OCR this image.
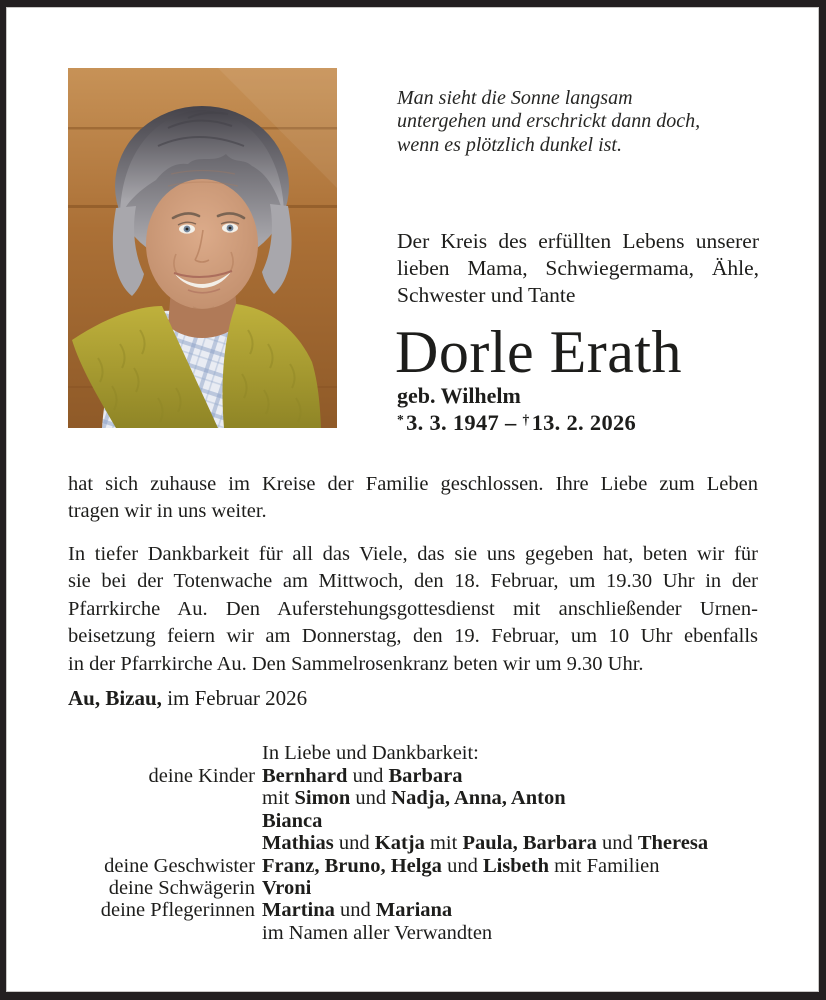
Man sieht die Sonne langsam
untergehen und erschrickt dann doch,
wenn es plötzlich dunkel ist.
Der Kreis des erfüllten Lebens unserer
lieben Mama, Schwiegermama, Ähle,
Schwester und Tante
Dorle Erath
geb. Wilhelm
*3. 3. 1947 – †13. 2. 2026
hat sich zuhause im Kreise der Familie geschlossen. Ihre Liebe zum Leben
tragen wir in uns weiter.
In tiefer Dankbarkeit für all das Viele, das sie uns gegeben hat, beten wir für
sie bei der Totenwache am Mittwoch, den 18. Februar, um 19.30 Uhr in der
Pfarrkirche Au. Den Auferstehungsgottesdienst mit anschließender Urnen-
beisetzung feiern wir am Donnerstag, den 19. Februar, um 10 Uhr ebenfalls
in der Pfarrkirche Au. Den Sammelrosenkranz beten wir um 9.30 Uhr.
Au, Bizau, im Februar 2026
In Liebe und Dankbarkeit:
deine Kinder Bernhard und Barbara
mit Simon und Nadja, Anna, Anton
Bianca
Mathias und Katja mit Paula, Barbara und Theresa
deine Geschwister Franz, Bruno, Helga und Lisbeth mit Familien
deine Schwägerin Vroni
deine Pflegerinnen Martina und Mariana
im Namen aller Verwandten
